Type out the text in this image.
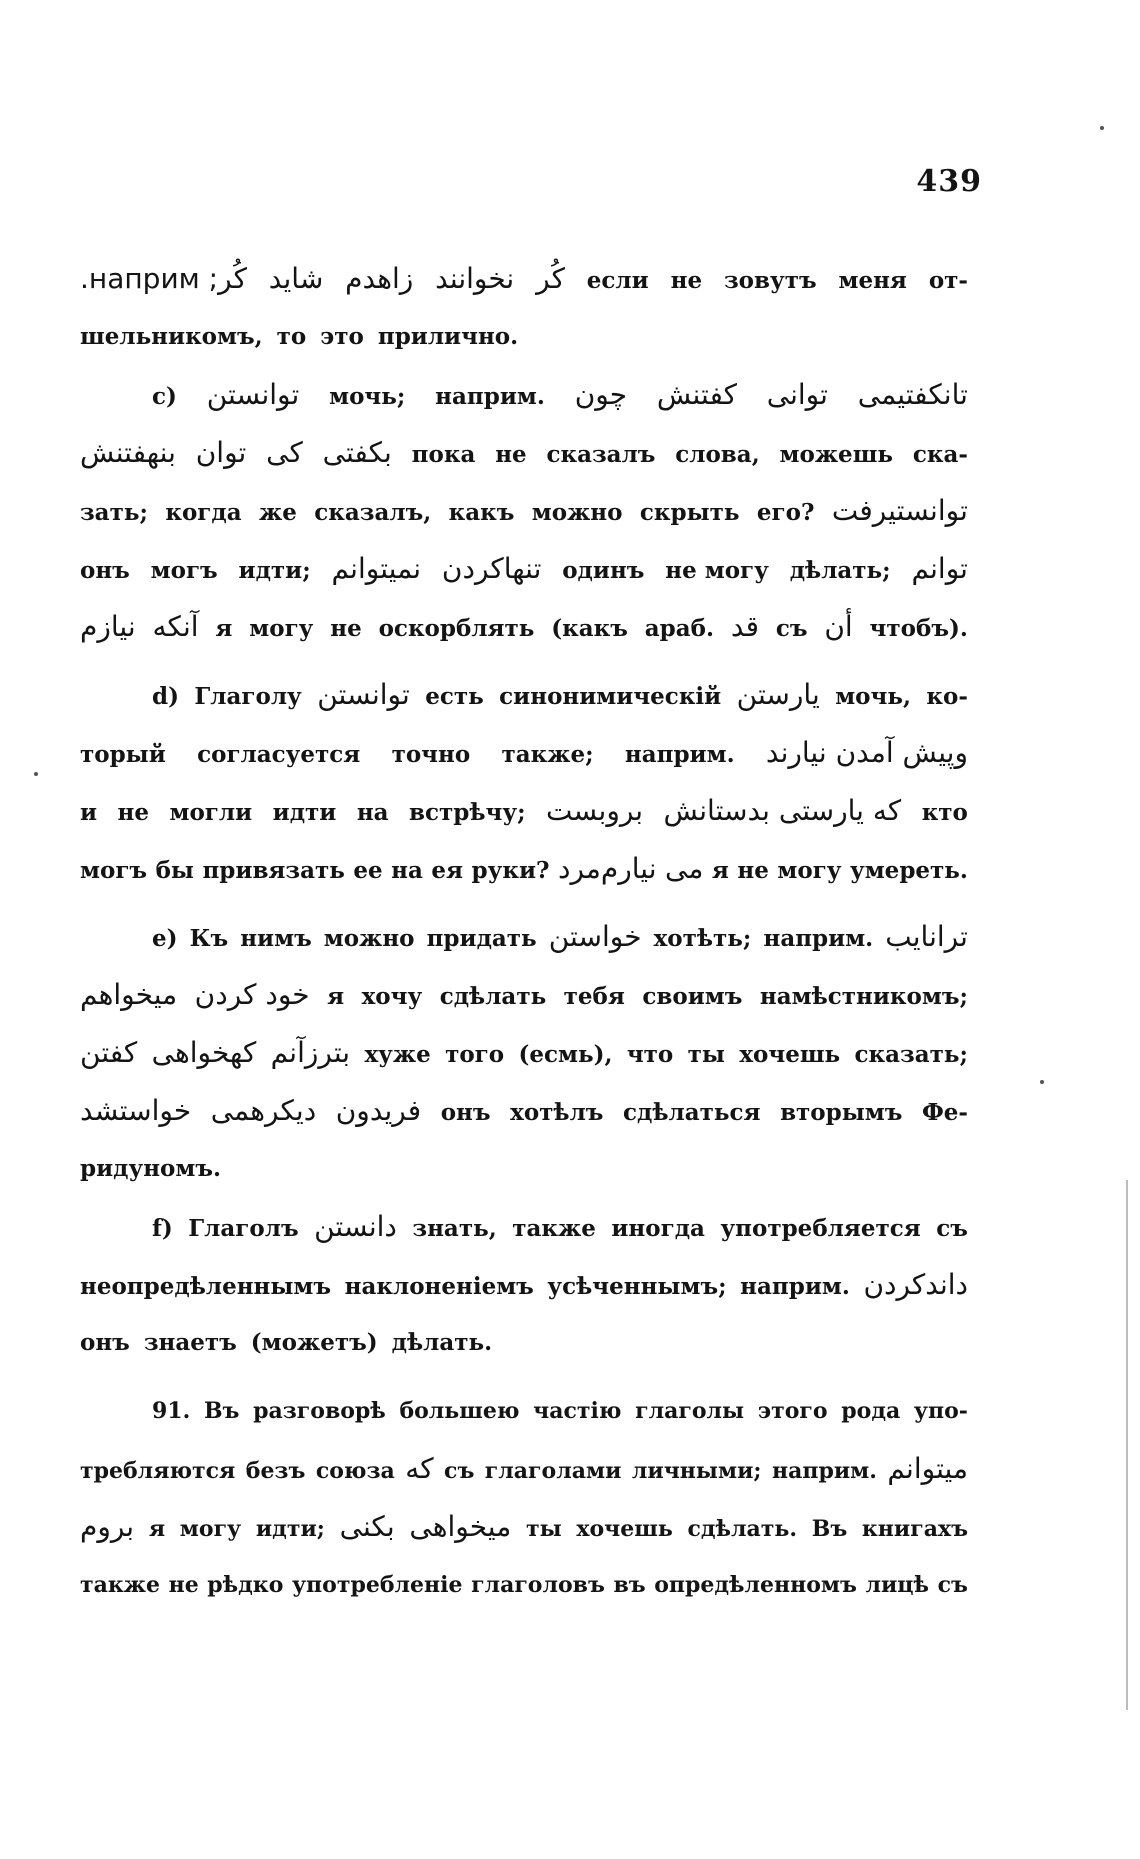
439
کُر; наприм. شاید زاهدم نخوانند کُر если не зовутъ меня от-
шельникомъ, то это прилично.
c) توانستن мочь; наприм. چون کفتنش توانی تانکفتیمی
بنهفتنش توان کی بکفتی пока не сказалъ слова, можешь ска-
зать; когда же сказалъ, какъ можно скрыть его? توانستیرفت
онъ могъ идти; نمیتوانم تنهاکردن одинъ не могу дѣлать; توانم
نیازم آنکه я могу не оскорблять (какъ араб. قد съ أن чтобъ).
d) Глаголу توانستن есть синонимическій یارستن мочь, ко-
торый согласуется точно также; наприм. وپیش آمدن نیارند
и не могли идти на встрѣчу; بروبست که یارستی بدستانش кто
могъ бы привязать ее на ея руки? نیارم‌مرد می я не могу умереть.
e) Къ нимъ можно придать خواستن хотѣть; наприм. ترانایب
میخواهم خود کردن я хочу сдѣлать тебя своимъ намѣстникомъ;
کفتن کهخواهی بترزآنم хуже того (есмь), что ты хочешь сказать;
خواستشد دیکرهمی فریدون онъ хотѣлъ сдѣлаться вторымъ Фе-
ридуномъ.
f) Глаголъ دانستن знать, также иногда употребляется съ
неопредѣленнымъ наклоненіемъ усѣченнымъ; наприм. داندکردن
онъ знаетъ (можетъ) дѣлать.
91. Въ разговорѣ большею частію глаголы этого рода упо-
требляются безъ союза که съ глаголами личными; наприм. میتوانم
بروم я могу идти; بکنی میخواهی ты хочешь сдѣлать. Въ книгахъ
также не рѣдко употребленіе глаголовъ въ опредѣленномъ лицѣ съ
